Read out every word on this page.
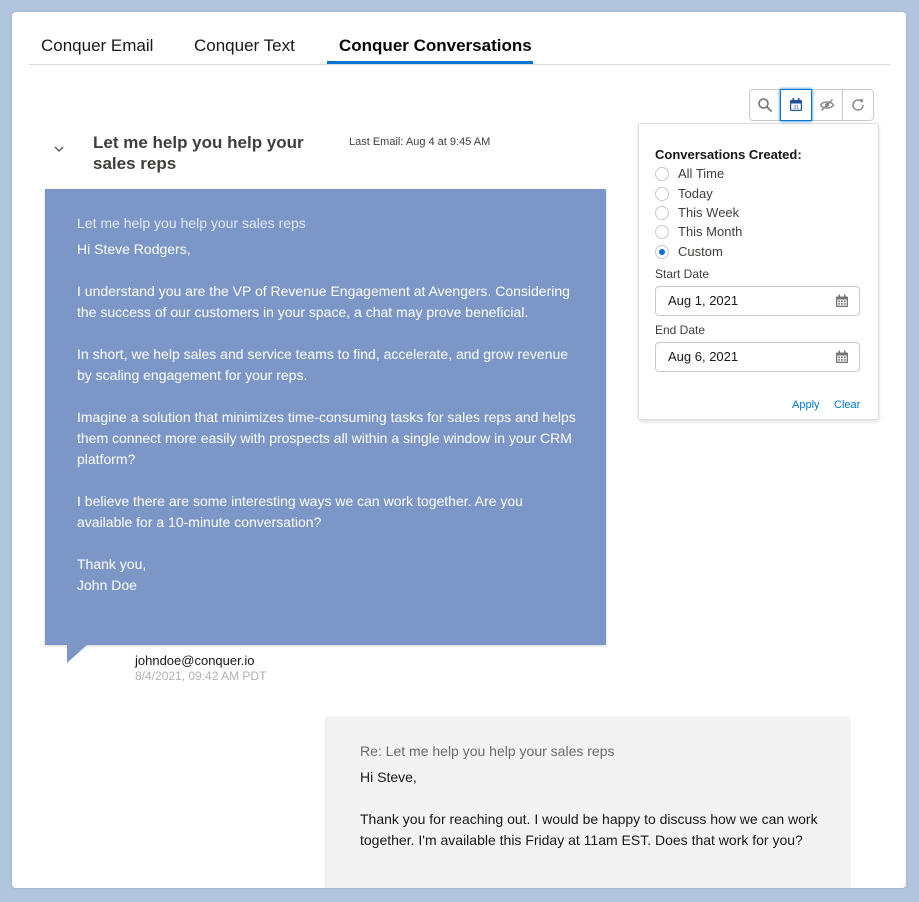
Conquer Email Conquer Text	Conquer Conversations
31
Let me help you help your sales reps
Last Email: Aug 4 at 9:45 AM
Let me help you help your sales reps

Hi Steve Rodgers,

I understand you are the VP of Revenue Engagement at Avengers. Considering the success of our customers in your space, a chat may prove beneficial.

In short, we help sales and service teams to find, accelerate, and grow revenue by scaling engagement for your reps.

Imagine a solution that minimizes time-consuming tasks for sales reps and helps them connect more easily with prospects all within a single window in your CRM platform?

I believe there are some interesting ways we can work together. Are you available for a 10-minute conversation?

Thank you,

John Doe

johndoe@conquer.io
8/4/2021, 09:42 AM PDT
Re: Let me help you help your sales reps

Hi Steve,

Thank you for reaching out. I would be happy to discuss how we can work together. I'm available this Friday at 11am EST. Does that work for you?

Conversations Created:
All Time
Today
This Week
This Month
Custom
Start Date
Aug 1, 2021
End Date
Aug 6, 2021
Apply Clear
